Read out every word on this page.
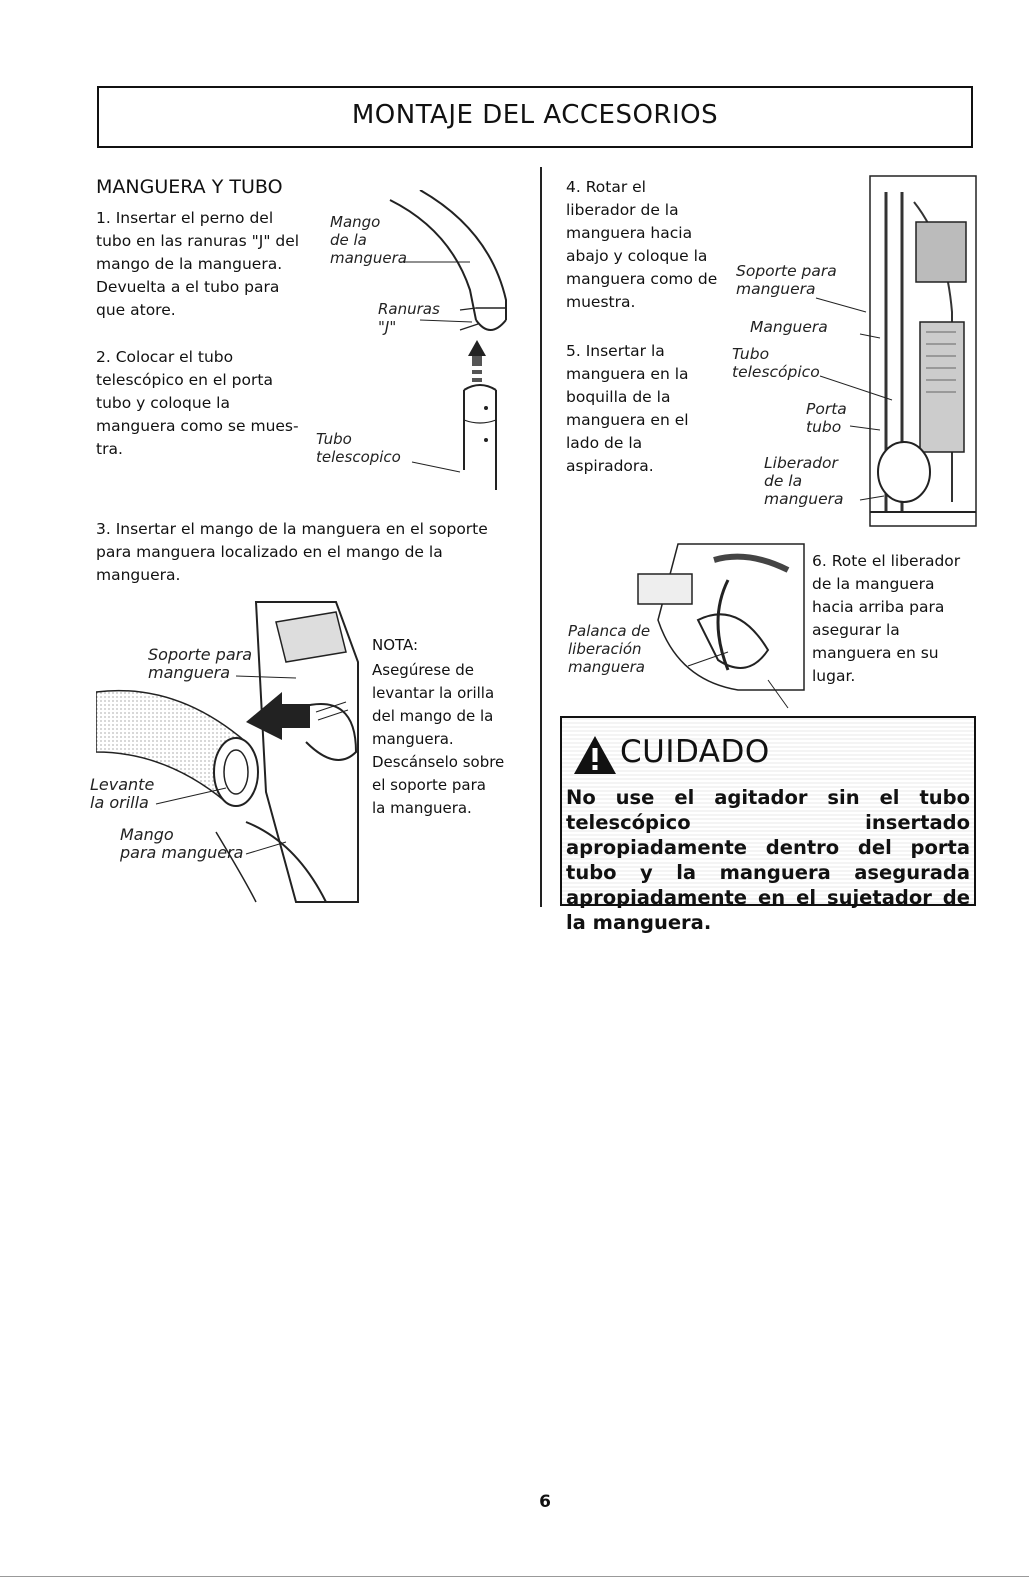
MONTAJE DEL ACCESORIOS
MANGUERA Y TUBO
1. Insertar el perno del
tubo en las ranuras "J" del
mango de la manguera.
Devuelta a el tubo para
que atore.
2. Colocar el tubo
telescópico en el porta
tubo y coloque la
manguera como se mues-
tra.
Mango
de la
manguera
Ranuras
"J"
Tubo
telescopico
3. Insertar el mango de la manguera en el soporte
para manguera localizado en el mango de la
manguera.
Soporte para
manguera
Levante
la orilla
Mango
para manguera
NOTA:
Asegúrese de
levantar la orilla
del mango de la
manguera.
Descánselo sobre
el soporte para
la manguera.
4. Rotar el
liberador de la
manguera hacia
abajo y coloque la
manguera como de
muestra.
5. Insertar la
manguera en la
boquilla de la
manguera en el
lado de la
aspiradora.
Soporte para
manguera
Manguera
Tubo
telescópico
Porta
tubo
Liberador
de la
manguera
Palanca de
liberación
manguera
6. Rote el liberador
de la manguera
hacia arriba para
asegurar la
manguera en su
lugar.
CUIDADO
No use el agitador sin el tubo telescópico insertado apropiadamente dentro del porta tubo y la manguera asegurada apropiadamente en el sujetador de la manguera.
6
